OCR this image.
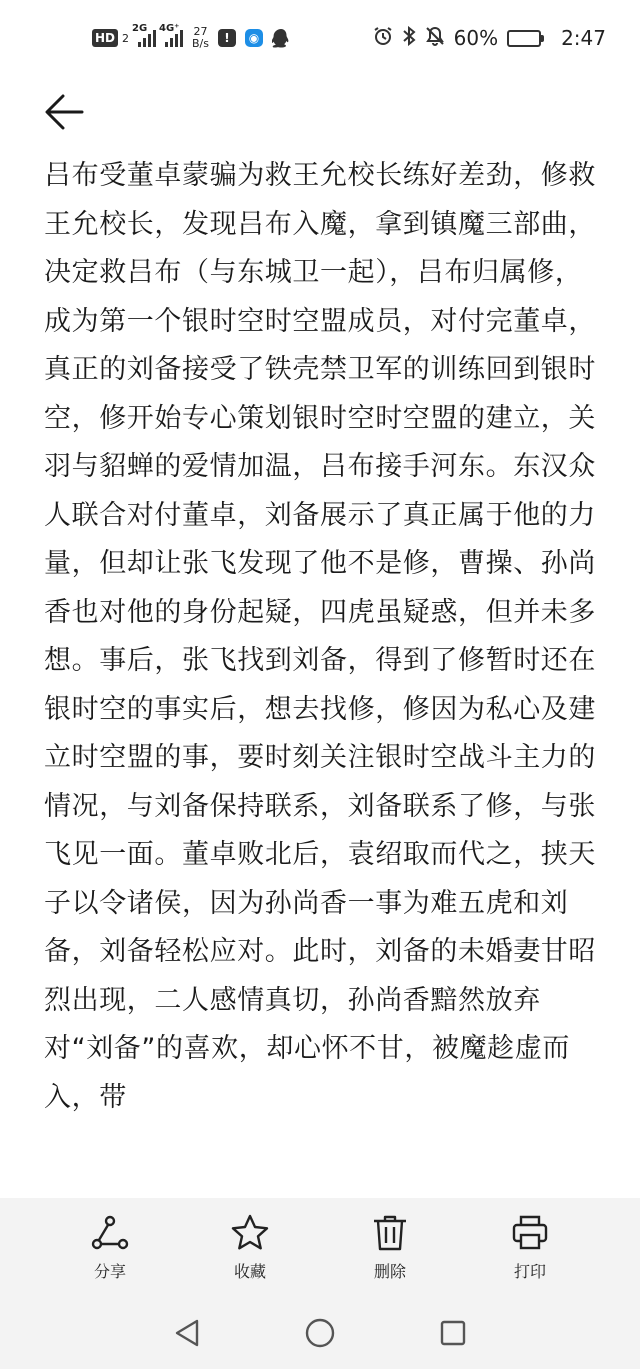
HD 2
2G 4G⁺ 27
B/s	!	◉	60%	2:47
吕布受董卓蒙骗为救王允校长练好差劲，修救王允校长，发现吕布入魔，拿到镇魔三部曲，决定救吕布（与东城卫一起），吕布归属修，成为第一个银时空时空盟成员，对付完董卓，真正的刘备接受了铁壳禁卫军的训练回到银时空，修开始专心策划银时空时空盟的建立，关羽与貂蝉的爱情加温，吕布接手河东。东汉众人联合对付董卓，刘备展示了真正属于他的力量，但却让张飞发现了他不是修，曹操、孙尚香也对他的身份起疑，四虎虽疑惑，但并未多想。事后，张飞找到刘备，得到了修暂时还在银时空的事实后，想去找修，修因为私心及建立时空盟的事，要时刻关注银时空战斗主力的情况，与刘备保持联系，刘备联系了修，与张飞见一面。董卓败北后，袁绍取而代之，挟天子以令诸侯，因为孙尚香一事为难五虎和刘备，刘备轻松应对。此时，刘备的未婚妻甘昭烈出现，二人感情真切，孙尚香黯然放弃对“刘备”的喜欢，却心怀不甘，被魔趁虚而入，带
分享	收藏	删除	打印
